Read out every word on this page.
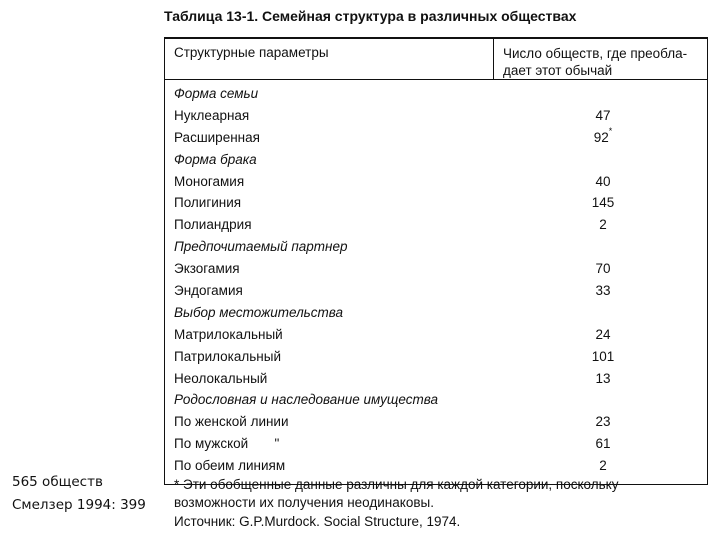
Таблица 13-1. Семейная структура в различных обществах
Структурные параметры	Число обществ, где преобла-
дает этот обычай
Форма семьи
Нуклеарная	47
Расширенная	92*
Форма брака
Моногамия	40
Полигиния	145
Полиандрия	2
Предпочитаемый партнер
Экзогамия	70
Эндогамия	33
Выбор местожительства
Матрилокальный	24
Патрилокальный	101
Неолокальный	13
Родословная и наследование имущества
По женской линии	23
По мужской       "	61
По обеим линиям	2
* Эти обобщенные данные различны для каждой категории, поскольку возможности их получения неодинаковы.
Источник: G.P.Murdock. Social Structure, 1974.
565 обществ
Смелзер 1994: 399
